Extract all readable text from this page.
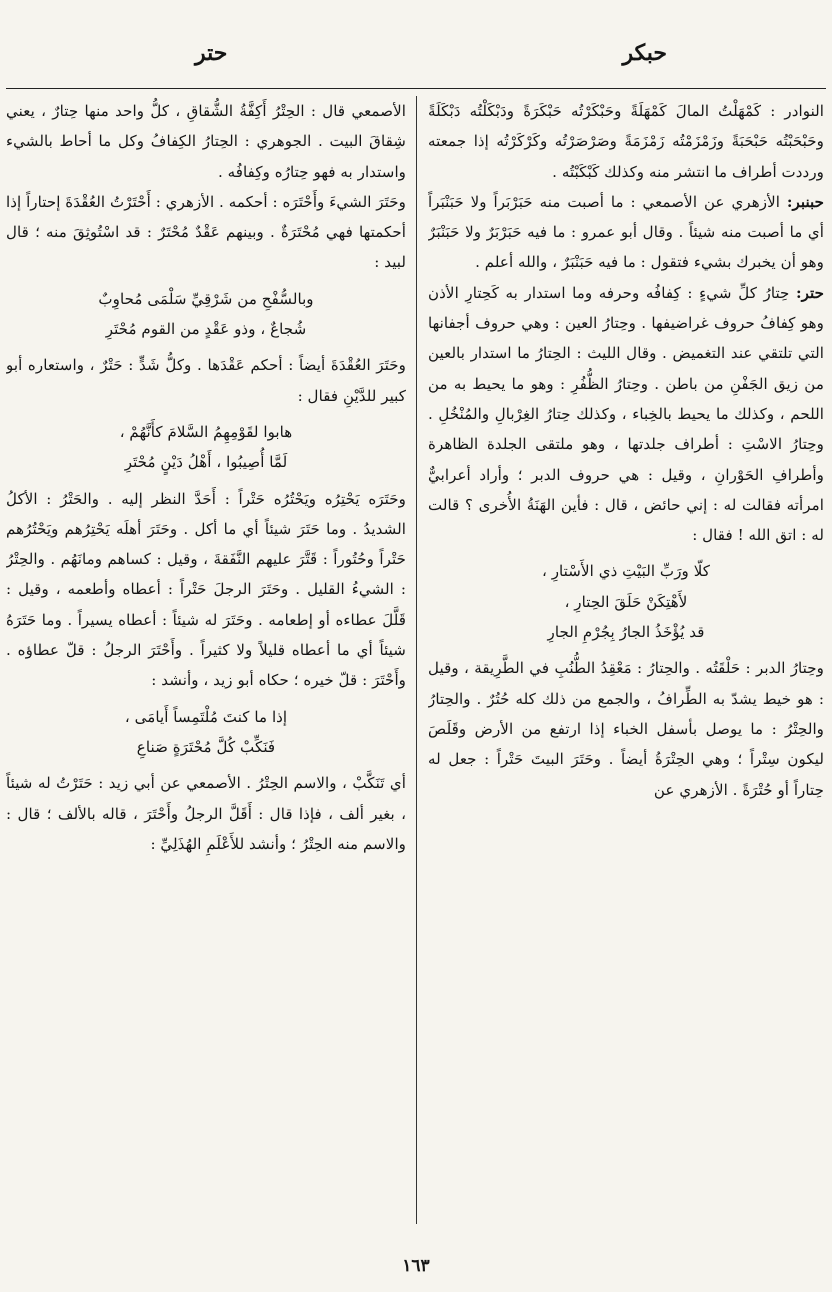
حبكر
حتر

النوادر : كَمْهَلْتُ المالَ كَمْهَلَةً وحَبْكَرْتُه حَبْكَرَةً ودَبْكَلْتُه دَبْكَلَةً وحَبْحَبْتُه حَبْحَبَةً وزَمْزَمْتُه زَمْزَمَةً وصَرْصَرْتُه وكَرْكَرْتُه إذا جمعته ورددت أطراف ما انتشر منه وكذلك كَبْكَبْتُه .

حبنبر: الأزهري عن الأصمعي : ما أصبت منه حَبَرْبَراً ولا حَبَنْبَراً أي ما أصبت منه شيئاً . وقال أبو عمرو : ما فيه حَبَرْبَرٌ ولا حَبَنْبَرٌ وهو أن يخبرك بشيء فتقول : ما فيه حَبَنْبَرٌ ، والله أعلم .

حتر: حِتارُ كلِّ شيءٍ : كِفافُه وحرفه وما استدار به كَحِتارِ الأذن وهو كِفافُ حروف غراضيفها . وحِتارُ العين : وهي حروف أجفانها التي تلتقي عند التغميض . وقال الليث : الحِتارُ ما استدار بالعين من زيق الجَفْنِ من باطن . وحِتارُ الظُّفُرِ : وهو ما يحيط به من اللحم ، وكذلك ما يحيط بالخِباء ، وكذلك حِتارُ الغِرْبالِ والمُنْخُلِ . وحِتارُ الاسْتِ : أطراف جلدتها ، وهو ملتقى الجلدة الظاهرة وأطرافِ الحَوْرانِ ، وقيل : هي حروف الدبر ؛ وأراد أعرابيٌّ امرأته فقالت له : إني حائض ، قال : فأين الهَنَةُ الأُخرى ؟ قالت له : اتق الله ! فقال :

كلّا ورَبِّ البَيْتِ ذي الأَسْتارِ ،
لأَهْتِكَنْ حَلَقَ الحِتارِ ،
قد يُؤْخَذُ الجارُ بِجُرْمِ الجارِ

وحِتارُ الدبر : حَلْقَتُه . والحِتارُ : مَعْقِدُ الطُّنُبِ في الطَّرِيقة ، وقيل : هو خيط يشدّ به الطِّرافُ ، والجمع من ذلك كله حُتُرٌ . والحِتارُ والحِتْرُ : ما يوصل بأسفل الخباء إذا ارتفع من الأرض وقَلَصَ ليكون سِتْراً ؛ وهي الحِتْرَةُ أيضاً . وحَتَرَ البيتَ حَتْراً : جعل له حِتاراً أو حُتْرَةً . الأزهري عن

الأصمعي قال : الحِتْرُ أَكِفَّةُ الشُّقاقِ ، كلُّ واحد منها حِتارٌ ، يعني شِقاقَ البيت . الجوهري : الحِتارُ الكِفافُ وكل ما أحاط بالشيء واستدار به فهو حِتارُه وكِفافُه .

وحَتَرَ الشيءَ وأَحْتَرَه : أحكمه . الأزهري : أَحْتَرْتُ العُقْدَةَ إحتاراً إذا أحكمتها فهي مُحْتَرَةٌ . وبينهم عَقْدٌ مُحْتَرٌ : قد اسْتُوثِقَ منه ؛ قال لبيد :

وبالسُّفْحِ من شَرْقِيِّ سَلْمَى مُحاوِبٌ
شُجاعٌ ، وذو عَقْدٍ من القوم مُحْتَرِ

وحَتَرَ العُقْدَةَ أيضاً : أحكم عَقْدَها . وكلُّ شَدٍّ : حَتْرٌ ، واستعاره أبو كبير للدَّيْنِ فقال :

هابوا لقَوْمِهِمُ السَّلامَ كأَنَّهُمْ ،
لَمَّا أُصِيبُوا ، أَهْلُ دَيْنٍ مُحْتَرِ

وحَتَرَه يَحْتِرُه ويَحْتُرُه حَتْراً : أَحَدَّ النظر إليه . والحَتْرُ : الأكلُ الشديدُ . وما حَتَرَ شيئاً أي ما أكل . وحَتَرَ أهلَه يَحْتِرُهم ويَحْتُرُهم حَتْراً وحُتُوراً : قَتَّرَ عليهم النَّفَقةَ ، وقيل : كساهم ومانَهُم . والحِتْرُ : الشيءُ القليل . وحَتَرَ الرجلَ حَتْراً : أعطاه وأطعمه ، وقيل : قَلَّلَ عطاءه أو إطعامه . وحَتَرَ له شيئاً : أعطاه يسيراً . وما حَتَرَهُ شيئاً أي ما أعطاه قليلاً ولا كثيراً . وأَحْتَرَ الرجلُ : قلّ عطاؤه . وأَحْتَرَ : قلّ خيره ؛ حكاه أبو زيد ، وأنشد :

إذا ما كنتَ مُلْتَمِساً أَيامَى ،
فَنَكِّبْ كُلَّ مُحْتَرَةٍ صَناعِ

أي تَنَكَّبْ ، والاسم الحِتْرُ . الأصمعي عن أبي زيد : حَتَرْتُ له شيئاً ، بغير ألف ، فإذا قال : أَقَلَّ الرجلُ وأَحْتَرَ ، قاله بالألف ؛ قال : والاسم منه الحِتْرُ ؛ وأنشد للأَعْلَمِ الهُذَلِيِّ :

١٦٣
